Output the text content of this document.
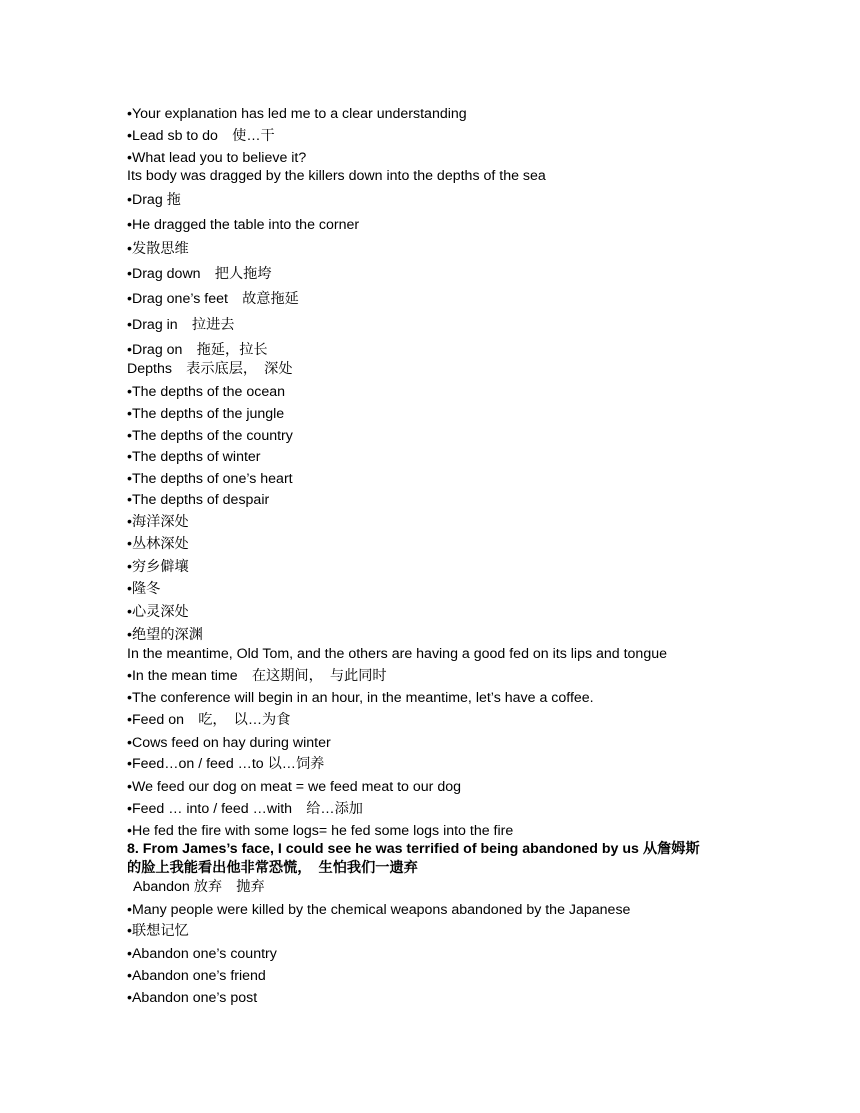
•Your explanation has led me to a clear understanding
•Lead sb to do　使…干
•What lead you to believe it?
Its body was dragged by the killers down into the depths of the sea
•Drag 拖
•He dragged the table into the corner
•发散思维
•Drag down　把人拖垮
•Drag one’s feet　故意拖延
•Drag in　拉进去
•Drag on　拖延，拉长
Depths　表示底层，　深处
•The depths of the ocean
•The depths of the jungle
•The depths of the country
•The depths of winter
•The depths of one’s heart
•The depths of despair
•海洋深处
•丛林深处
•穷乡僻壤
•隆冬
•心灵深处
•绝望的深渊
In the meantime, Old Tom, and the others are having a good fed on its lips and tongue
•In the mean time　在这期间，　与此同时
•The conference will begin in an hour, in the meantime, let’s have a coffee.
•Feed on　吃，　以…为食
•Cows feed on hay during winter
•Feed…on / feed …to 以…饲养
•We feed our dog on meat = we feed meat to our dog
•Feed … into / feed …with　给…添加
•He fed the fire with some logs= he fed some logs into the fire
8. From James’s face, I could see he was terrified of being abandoned by us 从詹姆斯
的脸上我能看出他非常恐慌，　生怕我们一遗弃
Abandon 放弃　抛弃
•Many people were killed by the chemical weapons abandoned by the Japanese
•联想记忆
•Abandon one’s country
•Abandon one’s friend
•Abandon one’s post
